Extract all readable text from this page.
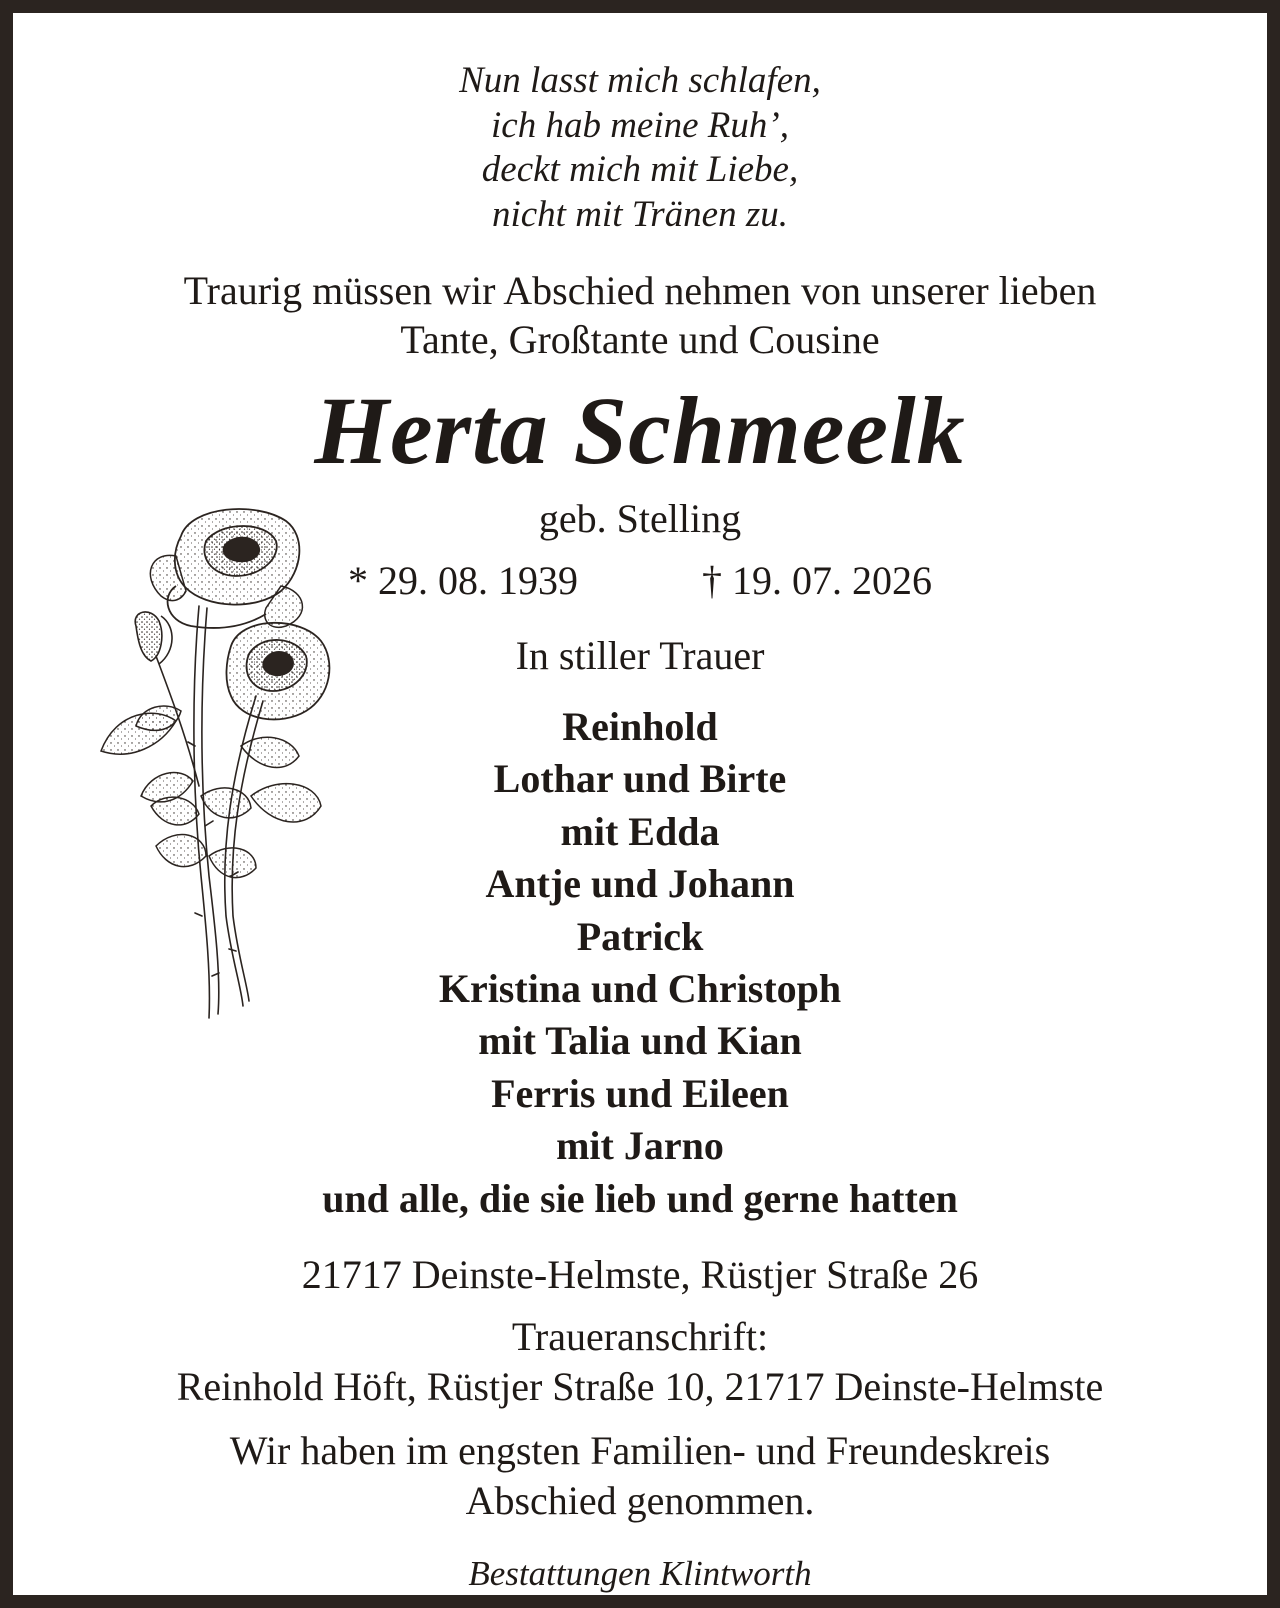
Nun lasst mich schlafen,
ich hab meine Ruh’,
deckt mich mit Liebe,
nicht mit Tränen zu.
Traurig müssen wir Abschied nehmen von unserer lieben
Tante, Großtante und Cousine
Herta Schmeelk
geb. Stelling
* 29. 08. 1939	† 19. 07. 2026
In stiller Trauer
Reinhold
Lothar und Birte
mit Edda
Antje und Johann
Patrick
Kristina und Christoph
mit Talia und Kian
Ferris und Eileen
mit Jarno
und alle, die sie lieb und gerne hatten
21717 Deinste-Helmste, Rüstjer Straße 26
Traueranschrift:
Reinhold Höft, Rüstjer Straße 10, 21717 Deinste-Helmste
Wir haben im engsten Familien- und Freundeskreis
Abschied genommen.
Bestattungen Klintworth
